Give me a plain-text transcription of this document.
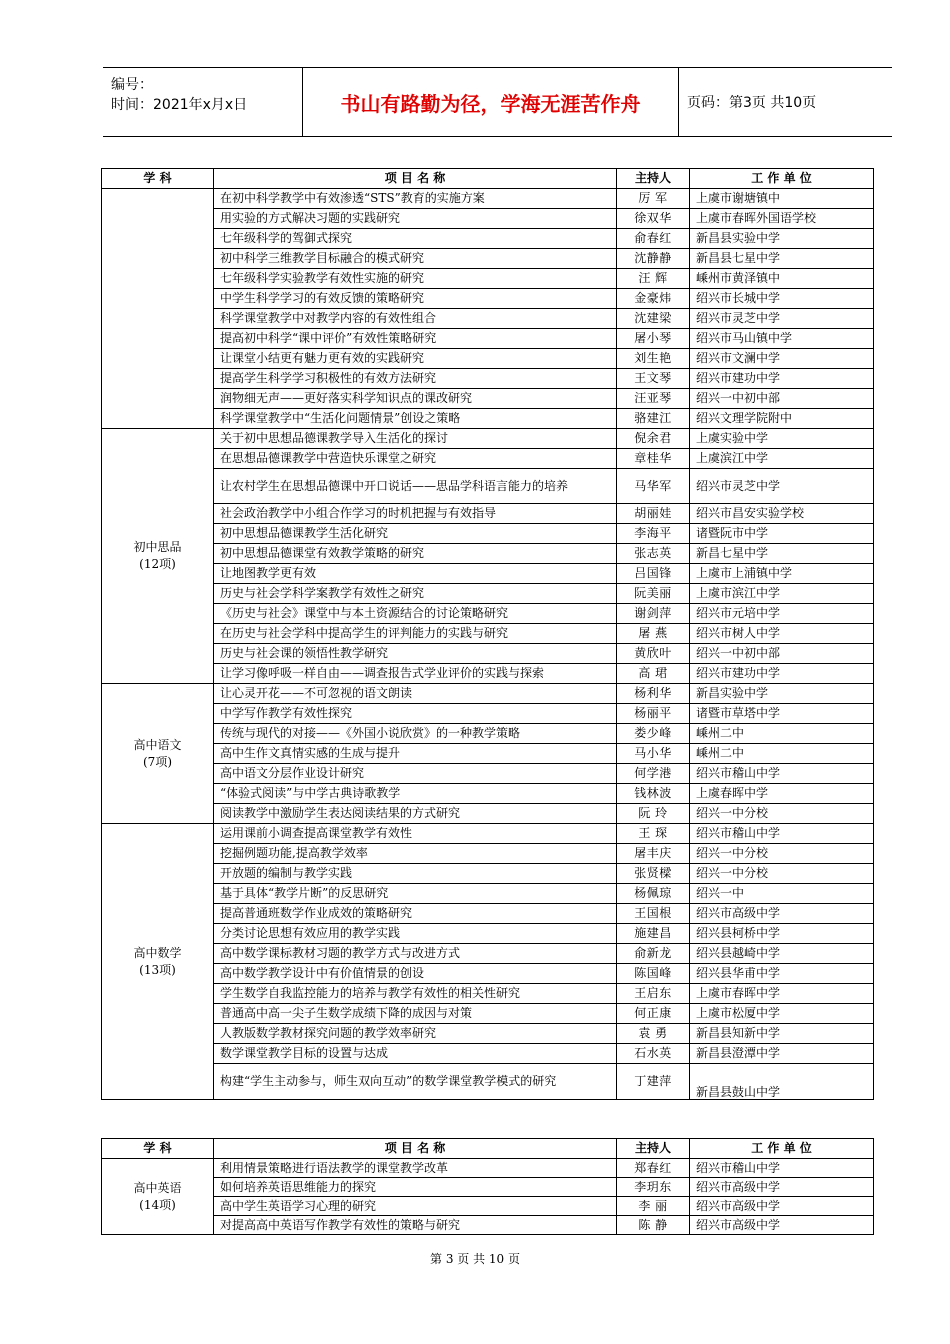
编号：
时间：2021年x月x日	书山有路勤为径，学海无涯苦作舟	页码：第3页 共10页
学 科	项 目 名 称	主持人	工 作 单 位
	在初中科学教学中有效渗透“STS”教育的实施方案	厉 军	上虞市谢塘镇中
	用实验的方式解决习题的实践研究	徐双华	上虞市春晖外国语学校
	七年级科学的驾御式探究	俞春红	新昌县实验中学
	初中科学三维教学目标融合的模式研究	沈静静	新昌县七星中学
	七年级科学实验教学有效性实施的研究	汪 辉	嵊州市黄泽镇中
	中学生科学学习的有效反馈的策略研究	金豪炜	绍兴市长城中学
	科学课堂教学中对教学内容的有效性组合	沈建梁	绍兴市灵芝中学
	提高初中科学“课中评价”有效性策略研究	屠小琴	绍兴市马山镇中学
	让课堂小结更有魅力更有效的实践研究	刘生艳	绍兴市文澜中学
	提高学生科学学习积极性的有效方法研究	王文琴	绍兴市建功中学
	润物细无声——更好落实科学知识点的课改研究	汪亚琴	绍兴一中初中部
	科学课堂教学中“生活化问题情景”创设之策略	骆建江	绍兴文理学院附中

初中思品
(12项)	关于初中思想品德课教学导入生活化的探讨	倪余君	上虞实验中学
	在思想品德课教学中营造快乐课堂之研究	章桂华	上虞滨江中学
	让农村学生在思想品德课中开口说话——思品学科语言能力的培养	马华军	绍兴市灵芝中学
	社会政治教学中小组合作学习的时机把握与有效指导	胡丽娃	绍兴市昌安实验学校
	初中思想品德课教学生活化研究	李海平	诸暨阮市中学
	初中思想品德课堂有效教学策略的研究	张志英	新昌七星中学
	让地图教学更有效	吕国锋	上虞市上浦镇中学
	历史与社会学科学案教学有效性之研究	阮美丽	上虞市滨江中学
	《历史与社会》课堂中与本土资源结合的讨论策略研究	谢剑萍	绍兴市元培中学
	在历史与社会学科中提高学生的评判能力的实践与研究	屠 燕	绍兴市树人中学
	历史与社会课的领悟性教学研究	黄欣叶	绍兴一中初中部
	让学习像呼吸一样自由——调查报告式学业评价的实践与探索	高 珺	绍兴市建功中学

高中语文
(7项)	让心灵开花——不可忽视的语文朗读	杨利华	新昌实验中学
	中学写作教学有效性探究	杨丽平	诸暨市草塔中学
	传统与现代的对接——《外国小说欣赏》的一种教学策略	娄少峰	嵊州二中
	高中生作文真情实感的生成与提升	马小华	嵊州二中
	高中语文分层作业设计研究	何学港	绍兴市稽山中学
	“体验式阅读”与中学古典诗歌教学	钱林波	上虞春晖中学
	阅读教学中激励学生表达阅读结果的方式研究	阮 玲	绍兴一中分校

高中数学
(13项)	运用课前小调查提高课堂教学有效性	王 琛	绍兴市稽山中学
	挖掘例题功能,提高教学效率	屠丰庆	绍兴一中分校
	开放题的编制与教学实践	张贤樑	绍兴一中分校
	基于具体“教学片断”的反思研究	杨佩琼	绍兴一中
	提高普通班数学作业成效的策略研究	王国根	绍兴市高级中学
	分类讨论思想有效应用的教学实践	施建昌	绍兴县柯桥中学
	高中数学课标教材习题的教学方式与改进方式	俞新龙	绍兴县越崎中学
	高中数学教学设计中有价值情景的创设	陈国峰	绍兴县华甫中学
	学生数学自我监控能力的培养与教学有效性的相关性研究	王启东	上虞市春晖中学
	普通高中高一尖子生数学成绩下降的成因与对策	何正康	上虞市松厦中学
	人教版数学教材探究问题的教学效率研究	袁 勇	新昌县知新中学
	数学课堂教学目标的设置与达成	石水英	新昌县澄潭中学
	构建“学生主动参与，师生双向互动”的数学课堂教学模式的研究	丁建萍	新昌县鼓山中学
学 科	项 目 名 称	主持人	工 作 单 位

高中英语
(14项)	利用情景策略进行语法教学的课堂教学改革	郑春红	绍兴市稽山中学
	如何培养英语思维能力的探究	李玥东	绍兴市高级中学
	高中学生英语学习心理的研究	李 丽	绍兴市高级中学
	对提高高中英语写作教学有效性的策略与研究	陈 静	绍兴市高级中学
第 3 页 共 10 页
